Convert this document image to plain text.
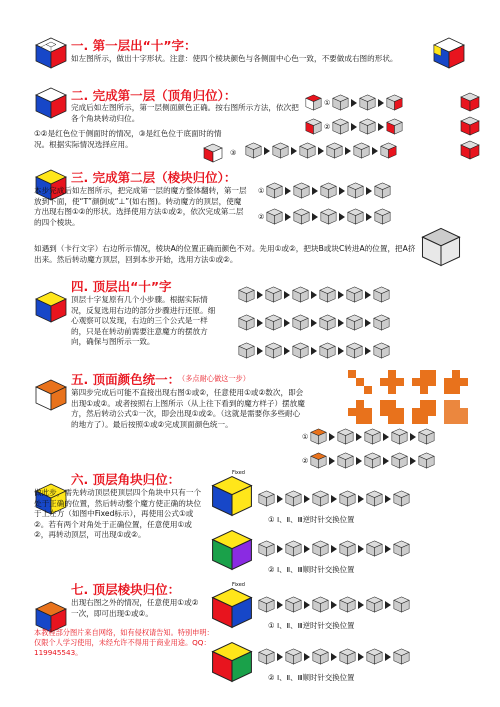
一. 第一层出“十”字：
如左图所示，做出十字形状。注意：使四个棱块颜色与各侧面中心色一致，不要做成右图的形状。
二. 完成第一层（顶角归位）：
完成后如左图所示，第一层侧面颜色正确。按右图所示方法，依次把各个角块转动归位。
①②是红色位于侧面时的情况，③是红色位于底面时的情况。根据实际情况选择应用。
③
①
②
三. 完成第二层（棱块归位）：
本步完成后如左图所示，把完成第一层的魔方整体翻转，第一层放到下面，使“T”颜倒成“⊥”(如右图)。转动魔方的顶层，使魔方出现右图①②的形状。选择使用方法①或②，依次完成第二层的四个棱块。
如遇到（卡行文字）右边所示情况，棱块A的位置正确而颜色不对。先用①或②，把块B或块C转进A的位置，把A挤出来。然后转动魔方顶层，回到本步开始，选用方法①或②。
①
②
四. 顶层出“十”字
顶层十字复原有几个小步骤。根据实际情况，反复选用右边的部分步骤进行还原。细心观察可以发现，右边的三个公式是一样的，只是在转动前需要注意魔方的摆放方向，确保与图所示一致。
五. 顶面颜色统一：
（多点耐心做这一步）
第四步完成后可能不直接出现右图①或②，任意使用①或②数次，即会出现①或②。或者按照右上图所示（从上往下看到的魔方样子）摆放魔方，然后转动公式①一次，即会出现①或②。（这就是需要你多些耐心的地方了）。最后按照①或②完成顶面颜色统一。
①
②
六. 顶层角块归位：
做此步，需先转动顶层使顶层四个角块中只有一个处于正确的位置，然后转动整个魔方使正确的块位于上左方（如图中Fixed标示），再使用公式①或②。若有两个对角处于正确位置，任意使用①或②，再转动顶层，可出现①或②。
Fixed
① Ⅰ、Ⅱ、Ⅲ逆时针交换位置
② Ⅰ、Ⅱ、Ⅲ顺时针交换位置
七. 顶层棱块归位：
出现右图之外的情况，任意使用①或②一次，即可出现①或②。
本教程部分图片来自网络，如有侵权请告知。特别申明：仅限个人学习使用，未经允许不得用于商业用途。QQ：119945543。
Fixed
① Ⅰ、Ⅱ、Ⅲ逆时针交换位置
② Ⅰ、Ⅱ、Ⅲ顺时针交换位置
